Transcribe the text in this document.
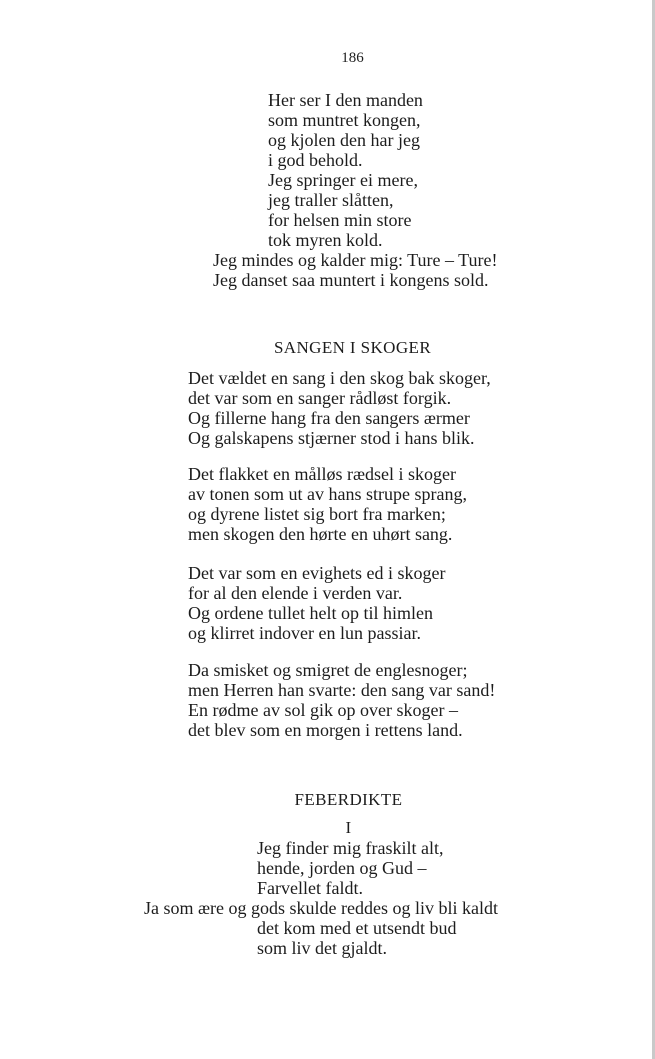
186
Her ser I den manden
som muntret kongen,
og kjolen den har jeg
i god behold.
Jeg springer ei mere,
jeg traller slåtten,
for helsen min store
tok myren kold.
Jeg mindes og kalder mig: Ture – Ture!
Jeg danset saa muntert i kongens sold.
SANGEN I SKOGER
Det vældet en sang i den skog bak skoger,
det var som en sanger rådløst forgik.
Og fillerne hang fra den sangers ærmer
Og galskapens stjærner stod i hans blik.
Det flakket en målløs rædsel i skoger
av tonen som ut av hans strupe sprang,
og dyrene listet sig bort fra marken;
men skogen den hørte en uhørt sang.
Det var som en evighets ed i skoger
for al den elende i verden var.
Og ordene tullet helt op til himlen
og klirret indover en lun passiar.
Da smisket og smigret de englesnoger;
men Herren han svarte: den sang var sand!
En rødme av sol gik op over skoger –
det blev som en morgen i rettens land.
FEBERDIKTE
I
Jeg finder mig fraskilt alt,
hende, jorden og Gud –
Farvellet faldt.
Ja som ære og gods skulde reddes og liv bli kaldt
det kom med et utsendt bud
som liv det gjaldt.
